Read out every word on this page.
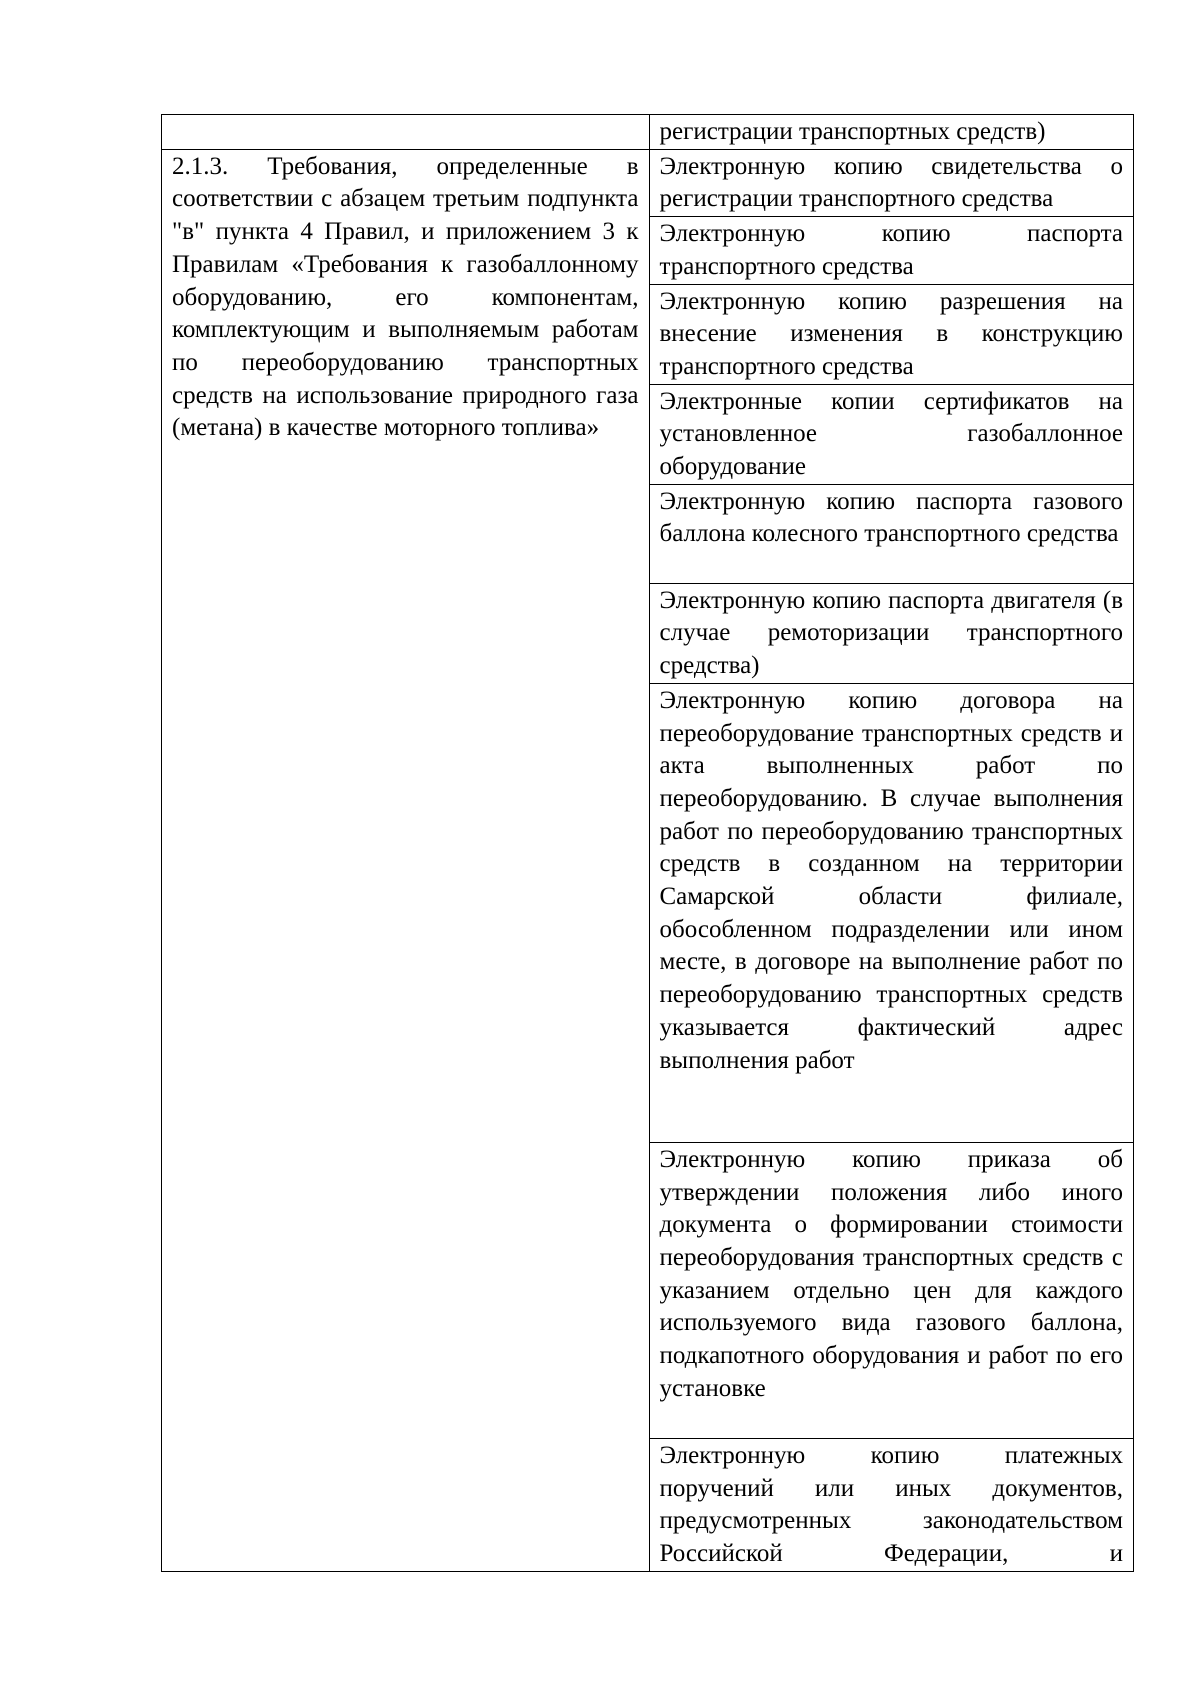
	регистрации транспортных средств)

2.1.3. Требования, определенные в соответствии с абзацем третьим подпункта "в" пункта 4 Правил, и приложением 3 к Правилам «Требования к газобаллонному оборудованию, его компонентам, комплектующим и выполняемым работам по переоборудованию транспортных средств на использование природного газа (метана) в качестве моторного топлива»	Электронную копию свидетельства о регистрации транспортного средства

	Электронную копию паспорта транспортного средства

	Электронную копию разрешения на внесение изменения в конструкцию транспортного средства

	Электронные копии сертификатов на установленное газобаллонное оборудование

	Электронную копию паспорта газового баллона колесного транспортного средства

	Электронную копию паспорта двигателя (в случае ремоторизации транспортного средства)

	Электронную копию договора на переоборудование транспортных средств и акта выполненных работ по переоборудованию. В случае выполнения работ по переоборудованию транспортных средств в созданном на территории Самарской области филиале, обособленном подразделении или ином месте, в договоре на выполнение работ по переоборудованию транспортных средств указывается фактический адрес выполнения работ

	Электронную копию приказа об утверждении положения либо иного документа о формировании стоимости переоборудования транспортных средств с указанием отдельно цен для каждого используемого вида газового баллона, подкапотного оборудования и работ по его установке

	Электронную копию платежных поручений или иных документов, предусмотренных законодательством Российской Федерации, и
